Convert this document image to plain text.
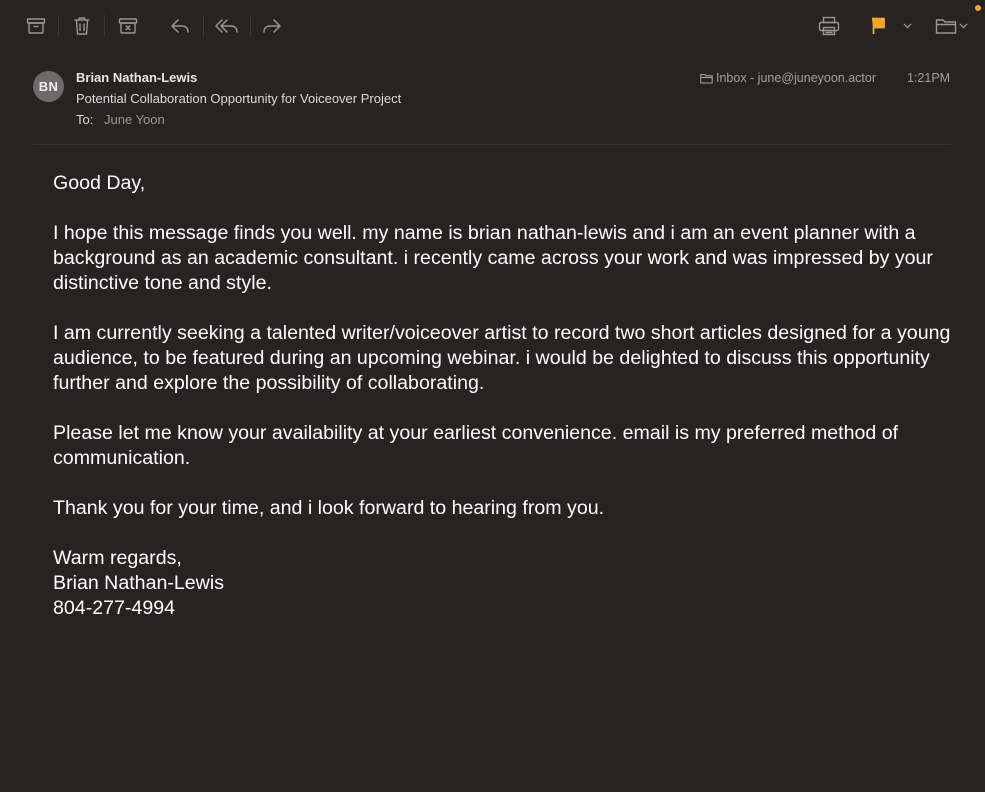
BN
Brian Nathan-Lewis
Potential Collaboration Opportunity for Voiceover Project
To: June Yoon
Inbox - june@juneyoon.actor 1:21PM

Good Day,

I hope this message finds you well. my name is brian nathan-lewis and i am an event planner with a background as an academic consultant. i recently came across your work and was impressed by your distinctive tone and style.

I am currently seeking a talented writer/voiceover artist to record two short articles designed for a young audience, to be featured during an upcoming webinar. i would be delighted to discuss this opportunity further and explore the possibility of collaborating.

Please let me know your availability at your earliest convenience. email is my preferred method of communication.

Thank you for your time, and i look forward to hearing from you.

Warm regards,

Brian Nathan-Lewis

804-277-4994
